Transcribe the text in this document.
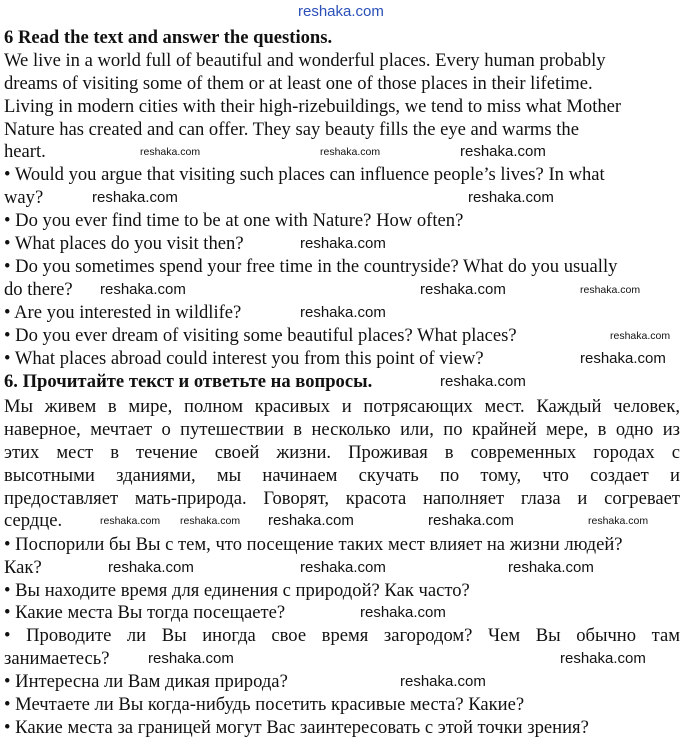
reshaka.com
6 Read the text and answer the questions.
We live in a world full of beautiful and wonderful places. Every human probably
dreams of visiting some of them or at least one of those places in their lifetime.
Living in modern cities with their high-rizebuildings, we tend to miss what Mother
Nature has created and can offer. They say beauty fills the eye and warms the
heart.
• Would you argue that visiting such places can influence people’s lives? In what
way?
• Do you ever find time to be at one with Nature? How often?
• What places do you visit then?
• Do you sometimes spend your free time in the countryside? What do you usually
do there?
• Are you interested in wildlife?
• Do you ever dream of visiting some beautiful places? What places?
• What places abroad could interest you from this point of view?
6. Прочитайте текст и ответьте на вопросы.
Мы живем в мире, полном красивых и потрясающих мест. Каждый человек,
наверное, мечтает о путешествии в несколько или, по крайней мере, в одно из
этих мест в течение своей жизни. Проживая в современных городах с
высотными зданиями, мы начинаем скучать по тому, что создает и
предоставляет мать-природа. Говорят, красота наполняет глаза и согревает
сердце.
• Поспорили бы Вы с тем, что посещение таких мест влияет на жизни людей?
Как?
• Вы находите время для единения с природой? Как часто?
• Какие места Вы тогда посещаете?
• Проводите ли Вы иногда свое время загородом? Чем Вы обычно там
занимаетесь?
• Интересна ли Вам дикая природа?
• Мечтаете ли Вы когда-нибудь посетить красивые места? Какие?
• Какие места за границей могут Вас заинтересовать с этой точки зрения?
reshaka.com	reshaka.com	reshaka.com
reshaka.com	reshaka.com
reshaka.com
reshaka.com	reshaka.com	reshaka.com
reshaka.com
reshaka.com
reshaka.com
reshaka.com
reshaka.com reshaka.com reshaka.com	reshaka.com	reshaka.com
reshaka.com	reshaka.com	reshaka.com
reshaka.com
reshaka.com	reshaka.com
reshaka.com
